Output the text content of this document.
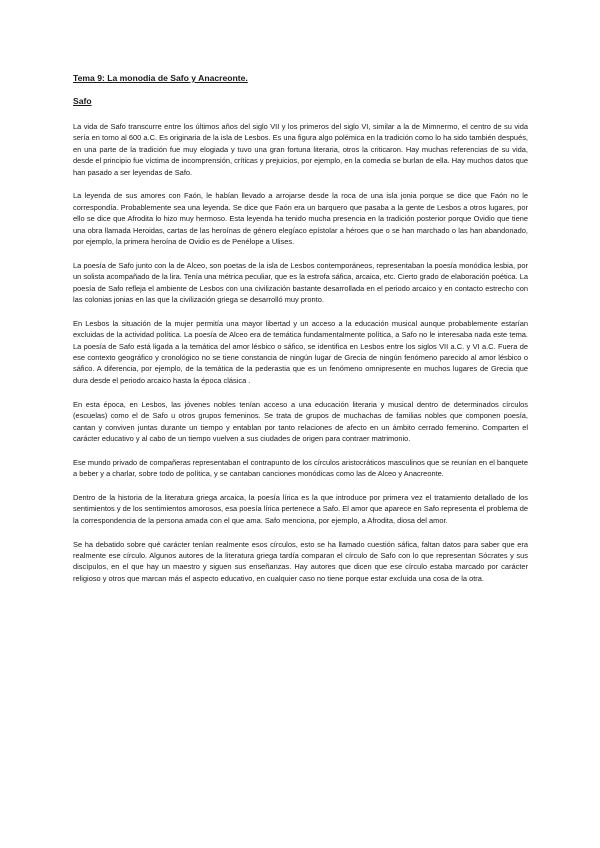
Tema 9: La monodia de Safo y Anacreonte.
Safo

La vida de Safo transcurre entre los últimos años del siglo VII y los primeros del siglo VI, similar a la de Mimnermo, el centro de su vida sería en torno al 600 a.C. Es originaria de la isla de Lesbos. Es una figura algo polémica en la tradición como lo ha sido también después, en una parte de la tradición fue muy elogiada y tuvo una gran fortuna literaria, otros la criticaron. Hay muchas referencias de su vida, desde el principio fue víctima de incomprensión, críticas y prejuicios, por ejemplo, en la comedia se burlan de ella. Hay muchos datos que han pasado a ser leyendas de Safo.

La leyenda de sus amores con Faón, le habían llevado a arrojarse desde la roca de una isla jonia porque se dice que Faón no le correspondía. Probablemente sea una leyenda. Se dice que Faón era un barquero que pasaba a la gente de Lesbos a otros lugares, por ello se dice que Afrodita lo hizo muy hermoso. Esta leyenda ha tenido mucha presencia en la tradición posterior porque Ovidio que tiene una obra llamada Heroidas, cartas de las heroínas de género elegíaco epístolar a héroes que o se han marchado o las han abandonado, por ejemplo, la primera heroína de Ovidio es de Penélope a Ulises.

La poesía de Safo junto con la de Alceo, son poetas de la isla de Lesbos contemporáneos, representaban la poesía monódica lesbia, por un solista acompañado de la lira. Tenía una métrica peculiar, que es la estrofa sáfica, arcaica, etc. Cierto grado de elaboración poética. La poesía de Safo refleja el ambiente de Lesbos con una civilización bastante desarrollada en el periodo arcaico y en contacto estrecho con las colonias jonias en las que la civilización griega se desarrolló muy pronto.

En Lesbos la situación de la mujer permitía una mayor libertad y un acceso a la educación musical aunque probablemente estarían excluidas de la actividad política. La poesía de Alceo era de temática fundamentalmente política, a Safo no le interesaba nada este tema. La poesía de Safo está ligada a la temática del amor lésbico o sáfico, se identifica en Lesbos entre los siglos VII a.C. y VI a.C. Fuera de ese contexto geográfico y cronológico no se tiene constancia de ningún lugar de Grecia de ningún fenómeno parecido al amor lésbico o sáfico. A diferencia, por ejemplo, de la temática de la pederastia que es un fenómeno omnipresente en muchos lugares de Grecia que dura desde el periodo arcaico hasta la época clásica .

En esta época, en Lesbos, las jóvenes nobles tenían acceso a una educación literaria y musical dentro de determinados círculos (escuelas) como el de Safo u otros grupos femeninos. Se trata de grupos de muchachas de familias nobles que componen poesía, cantan y conviven juntas durante un tiempo y entablan por tanto relaciones de afecto en un ámbito cerrado femenino. Comparten el carácter educativo y al cabo de un tiempo vuelven a sus ciudades de origen para contraer matrimonio.

Ese mundo privado de compañeras representaban el contrapunto de los círculos aristocráticos masculinos que se reunían en el banquete a beber y a charlar, sobre todo de política, y se cantaban canciones monódicas como las de Alceo y Anacreonte.

Dentro de la historia de la literatura griega arcaica, la poesía lírica es la que introduce por primera vez el tratamiento detallado de los sentimientos y de los sentimientos amorosos, esa poesía lírica pertenece a Safo. El amor que aparece en Safo representa el problema de la correspondencia de la persona amada con el que ama. Safo menciona, por ejemplo, a Afrodita, diosa del amor.

Se ha debatido sobre qué carácter tenían realmente esos círculos, esto se ha llamado cuestión sáfica, faltan datos para saber que era realmente ese círculo. Algunos autores de la literatura griega tardía comparan el círculo de Safo con lo que representan Sócrates y sus discípulos, en el que hay un maestro y siguen sus enseñanzas. Hay autores que dicen que ese círculo estaba marcado por carácter religioso y otros que marcan más el aspecto educativo, en cualquier caso no tiene porque estar excluida una cosa de la otra.
